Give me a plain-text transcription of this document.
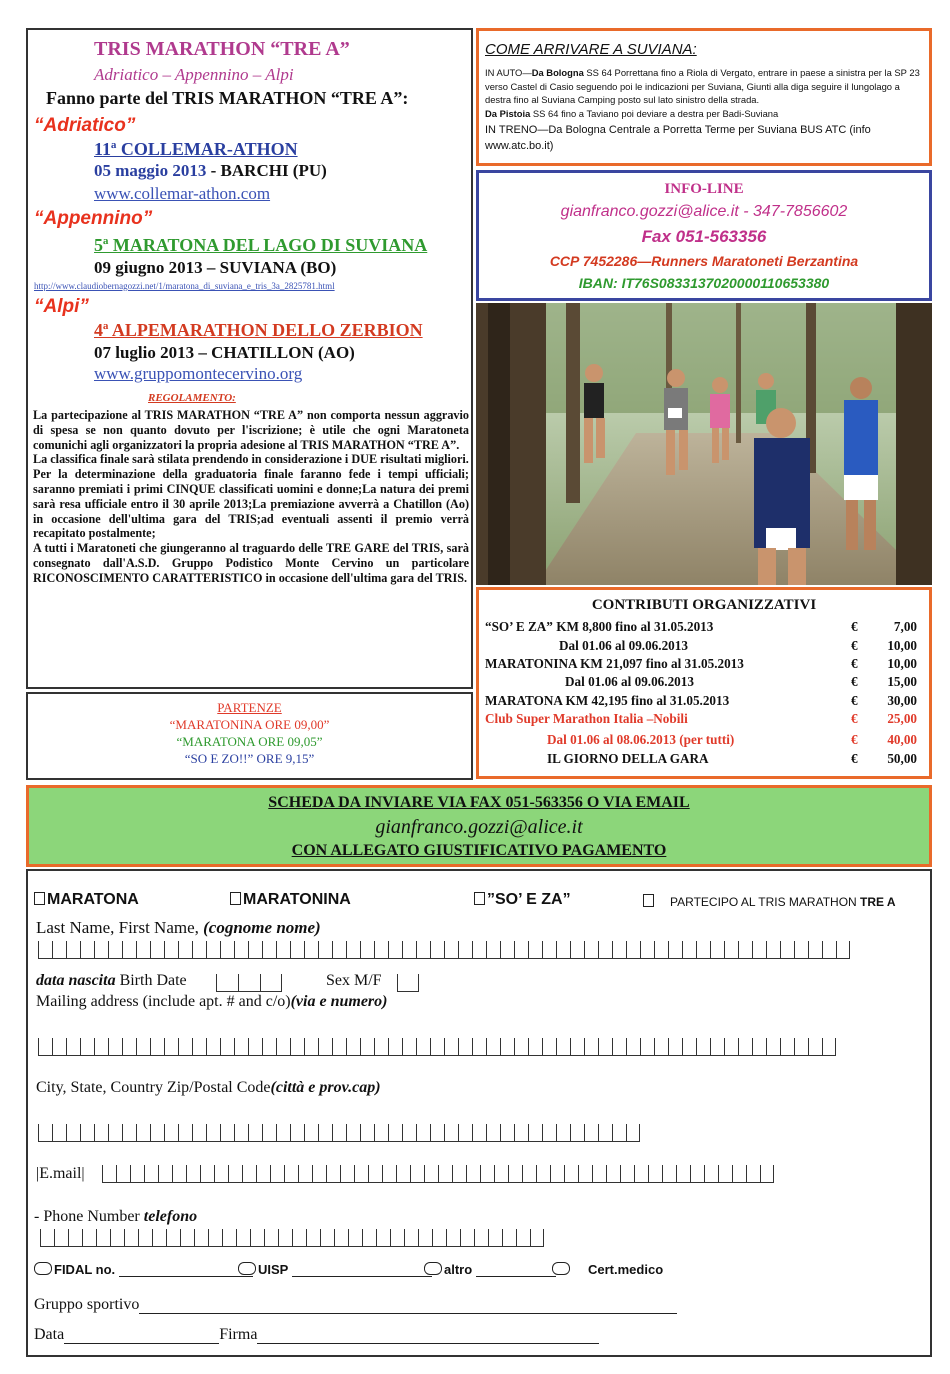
TRIS MARATHON “TRE A”
Adriatico – Appennino – Alpi
Fanno parte del TRIS MARATHON “TRE A”:
“Adriatico”
11ª COLLEMAR-ATHON
05 maggio 2013 - BARCHI (PU)
www.collemar-athon.com
“Appennino”
5ª MARATONA DEL LAGO DI SUVIANA
09 giugno 2013 – SUVIANA (BO)
http://www.claudiobernagozzi.net/1/maratona_di_suviana_e_tris_3a_2825781.html
“Alpi”
4ª ALPEMARATHON DELLO ZERBION
07 luglio 2013 – CHATILLON (AO)
www.gruppomontecervino.org
REGOLAMENTO:

La partecipazione al TRIS MARATHON “TRE A” non comporta nessun aggravio di spesa se non quanto dovuto per l'iscrizione; è utile che ogni Maratoneta comunichi agli organizzatori la propria adesione al TRIS MARATHON “TRE A”.

La classifica finale sarà stilata prendendo in considerazione i DUE risultati migliori.

Per la determinazione della graduatoria finale faranno fede i tempi ufficiali; saranno premiati i primi CINQUE classificati uomini e donne;La natura dei premi sarà resa ufficiale entro il 30 aprile 2013;La premiazione avverrà a Chatillon (Ao) in occasione dell'ultima gara del TRIS;ad eventuali assenti il premio verrà recapitato postalmente;

A tutti i Maratoneti che giungeranno al traguardo delle TRE GARE del TRIS, sarà consegnato dall'A.S.D. Gruppo Podistico Monte Cervino un particolare RICONOSCIMENTO CARATTERISTICO in occasione dell'ultima gara del TRIS.

PARTENZE
“MARATONINA ORE 09,00”
“MARATONA ORE 09,05”
“SO E ZO!!” ORE 9,15”
COME ARRIVARE A SUVIANA:
IN AUTO—Da Bologna SS 64 Porrettana fino a Riola di Vergato, entrare in paese a sinistra per la SP 23 verso Castel di Casio seguendo poi le indicazioni per Suviana, Giunti alla diga seguire il lungolago a destra fino al Suviana Camping posto sul lato sinistro della strada.
Da Pistoia SS 64 fino a Taviano poi deviare a destra per Badi-Suviana
IN TRENO—Da Bologna Centrale a Porretta Terme per Suviana BUS ATC (info www.atc.bo.it)
INFO-LINE
gianfranco.gozzi@alice.it - 347-7856602
Fax 051-563356
CCP 7452286—Runners Maratoneti Berzantina
IBAN: IT76S0833137020000110653380
CONTRIBUTI ORGANIZZATIVI
“SO’ E ZA” KM 8,800 fino al 31.05.2013	€	7,00
Dal 01.06 al 09.06.2013	€ 10,00
MARATONINA KM 21,097 fino al 31.05.2013	€ 10,00
Dal 01.06 al 09.06.2013	€ 15,00
MARATONA KM 42,195 fino al 31.05.2013	€ 30,00
Club Super Marathon Italia –Nobili	€ 25,00
Dal 01.06 al 08.06.2013 (per tutti)	€ 40,00
IL GIORNO DELLA GARA	€ 50,00
SCHEDA DA INVIARE VIA FAX 051-563356 O VIA EMAIL
gianfranco.gozzi@alice.it
CON ALLEGATO GIUSTIFICATIVO PAGAMENTO
MARATONA	MARATONINA	”SO’ E ZA”	PARTECIPO AL TRIS MARATHON TRE A
Last Name, First Name, (cognome nome)
data nascita Birth Date	Sex M/F
Mailing address (include apt. # and c/o)(via e numero)
City, State, Country Zip/Postal Code(città e prov.cap)
|E.mail|
- Phone Number telefono
FIDAL no.	UISP	altro	Cert.medico
Gruppo sportivo
Data	Firma
